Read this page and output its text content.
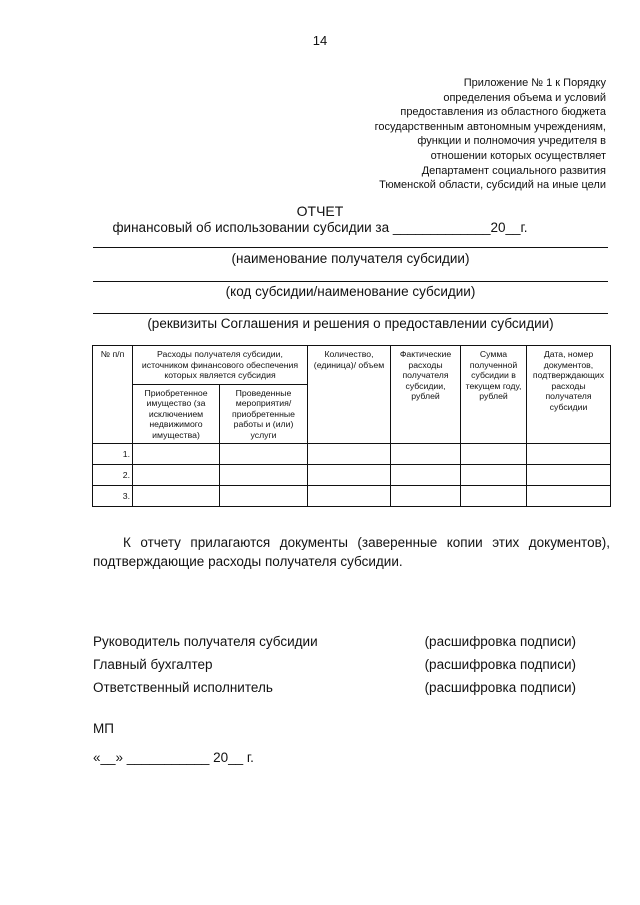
14
Приложение № 1 к Порядку
определения объема и условий
предоставления из областного бюджета
государственным автономным учреждениям,
функции и полномочия учредителя в
отношении которых осуществляет
Департамент социального развития
Тюменской области, субсидий на иные цели
ОТЧЕТ
финансовый об использовании субсидии за _____________20__г.
(наименование получателя субсидии)
(код субсидии/наименование субсидии)
(реквизиты Соглашения и решения о предоставлении субсидии)
№ п/п	Расходы получателя субсидии, источником финансового обеспечения которых является субсидия		Количество, (единица)/ объем	Фактические расходы получателя субсидии, рублей	Сумма полученной субсидии в текущем году, рублей	Дата, номер документов, подтверждающих расходы получателя субсидии
	Приобретенное имущество (за исключением недвижимого имущества)	Проведенные мероприятия/ приобретенные работы и (или) услуги				
1.						
2.						
3.						

К отчету прилагаются документы (заверенные копии этих документов), подтверждающие расходы получателя субсидии.

Руководитель получателя субсидии	(расшифровка подписи)
Главный бухгалтер	(расшифровка подписи)
Ответственный исполнитель	(расшифровка подписи)
МП
«__» ___________ 20__ г.
